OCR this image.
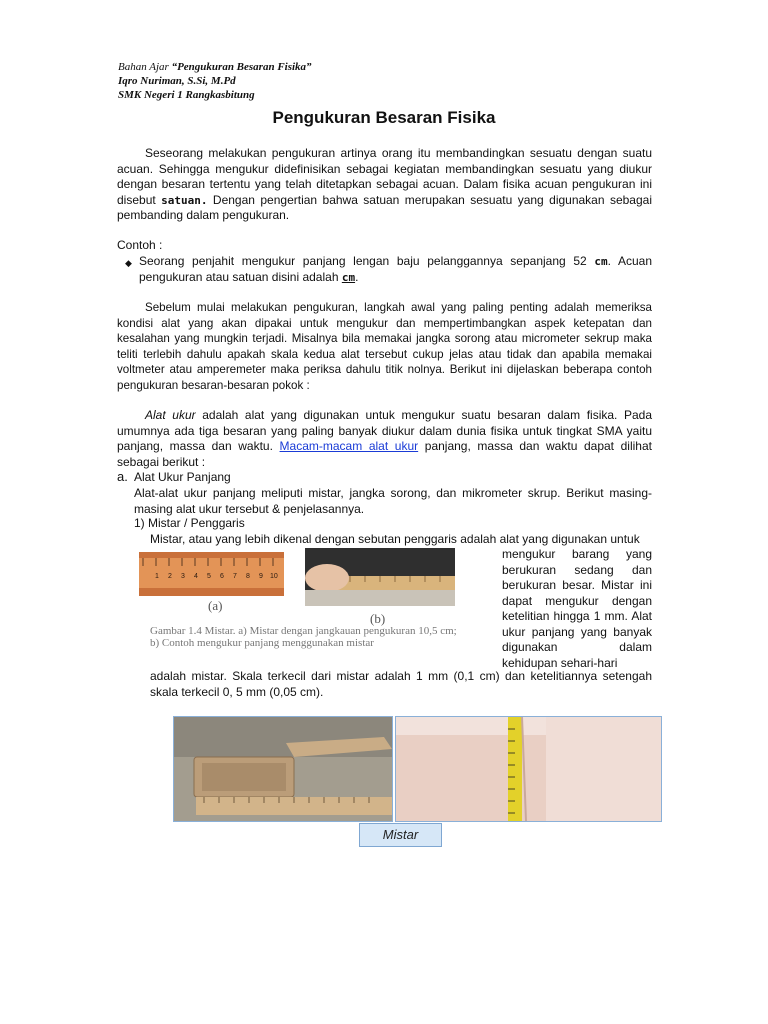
Bahan Ajar “Pengukuran Besaran Fisika”
Iqro Nuriman, S.Si, M.Pd
SMK Negeri 1 Rangkasbitung
Pengukuran Besaran Fisika
Seseorang melakukan pengukuran artinya orang itu membandingkan sesuatu dengan suatu acuan. Sehingga mengukur didefinisikan sebagai kegiatan membandingkan sesuatu yang diukur dengan besaran tertentu yang telah ditetapkan sebagai acuan. Dalam fisika acuan pengukuran ini disebut satuan. Dengan pengertian bahwa satuan merupakan sesuatu yang digunakan sebagai pembanding dalam pengukuran.
Contoh :
◆ Seorang penjahit mengukur panjang lengan baju pelanggannya sepanjang 52 cm. Acuan pengukuran atau satuan disini adalah cm.
Sebelum mulai melakukan pengukuran, langkah awal yang paling penting adalah memeriksa kondisi alat yang akan dipakai untuk mengukur dan mempertimbangkan aspek ketepatan dan kesalahan yang mungkin terjadi. Misalnya bila memakai jangka sorong atau micrometer sekrup maka teliti terlebih dahulu apakah skala kedua alat tersebut cukup jelas atau tidak dan apabila memakai voltmeter atau amperemeter maka periksa dahulu titik nolnya. Berikut ini dijelaskan beberapa contoh pengukuran besaran-besaran pokok :
Alat ukur adalah alat yang digunakan untuk mengukur suatu besaran dalam fisika. Pada umumnya ada tiga besaran yang paling banyak diukur dalam dunia fisika untuk tingkat SMA yaitu panjang, massa dan waktu. Macam-macam alat ukur panjang, massa dan waktu dapat dilihat sebagai berikut :
a. Alat Ukur Panjang
Alat-alat ukur panjang meliputi mistar, jangka sorong, dan mikrometer skrup. Berikut masing-masing alat ukur tersebut & penjelasannya.
1) Mistar / Penggaris
Mistar, atau yang lebih dikenal dengan sebutan penggaris adalah alat yang digunakan untuk
mengukur barang yang berukuran sedang dan berukuran besar. Mistar ini dapat mengukur dengan ketelitian hingga 1 mm. Alat ukur panjang yang banyak digunakan dalam kehidupan sehari-hari
adalah mistar. Skala terkecil dari mistar adalah 1 mm (0,1 cm) dan ketelitiannya setengah skala terkecil 0, 5 mm (0,05 cm).
1 2 3 4 5 6 7 8 9 10
(a)
(b)
Gambar 1.4 Mistar. a) Mistar dengan jangkauan pengukuran 10,5 cm;
b) Contoh mengukur panjang menggunakan mistar
Mistar
